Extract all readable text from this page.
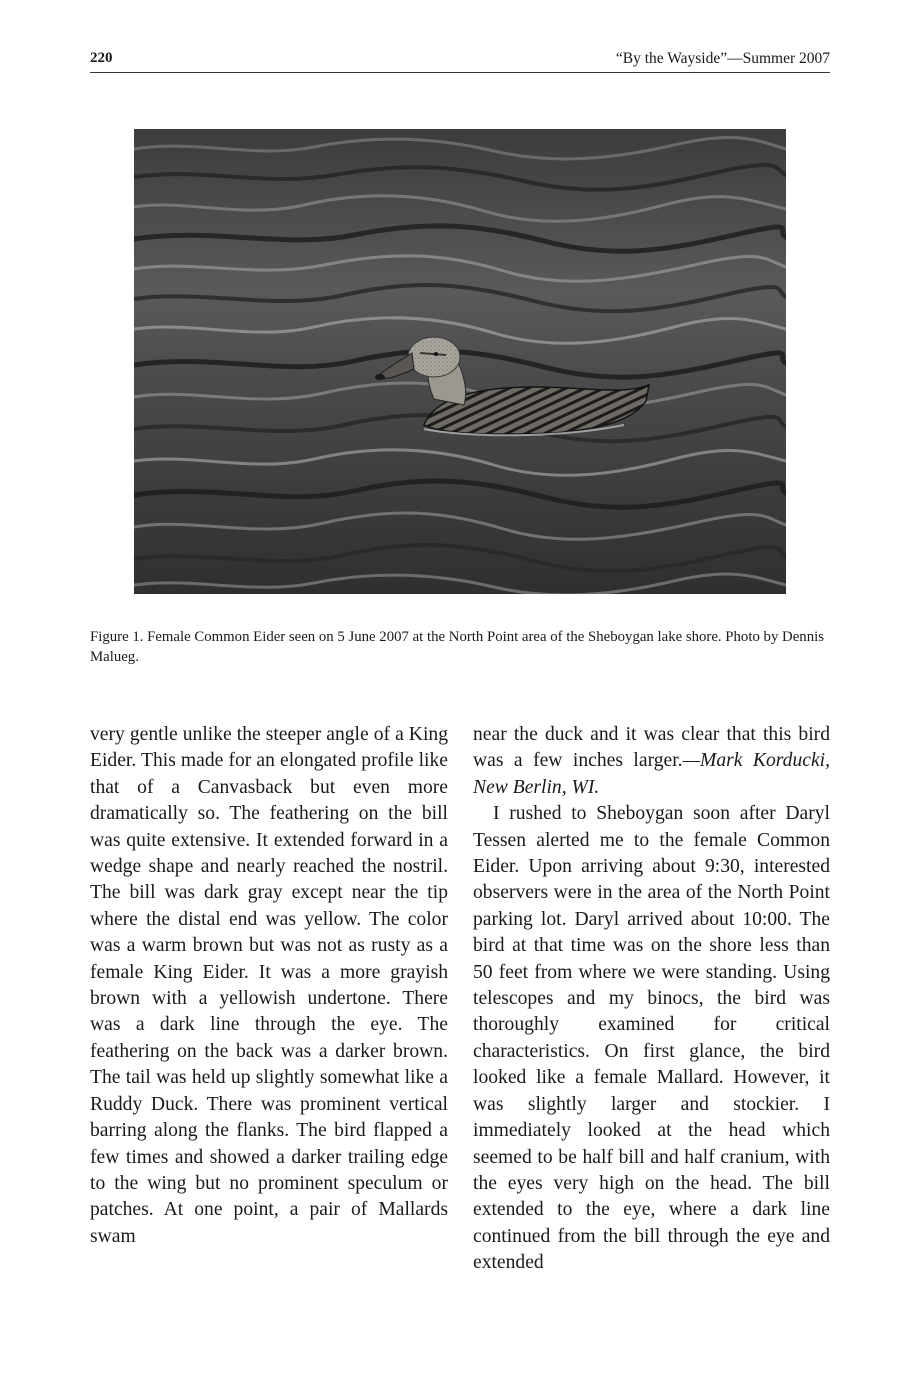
220	“By the Wayside”—Summer 2007
Figure 1. Female Common Eider seen on 5 June 2007 at the North Point area of the Sheboygan lake shore. Photo by Dennis Malueg.

very gentle unlike the steeper angle of a King Eider. This made for an elongated profile like that of a Canvasback but even more dramatically so. The feathering on the bill was quite extensive. It extended forward in a wedge shape and nearly reached the nostril. The bill was dark gray except near the tip where the distal end was yellow. The color was a warm brown but was not as rusty as a female King Eider. It was a more grayish brown with a yellowish undertone. There was a dark line through the eye. The feathering on the back was a darker brown. The tail was held up slightly somewhat like a Ruddy Duck. There was prominent vertical barring along the flanks. The bird flapped a few times and showed a darker trailing edge to the wing but no prominent speculum or patches. At one point, a pair of Mallards swam

near the duck and it was clear that this bird was a few inches larger.—Mark Korducki, New Berlin, WI.

I rushed to Sheboygan soon after Daryl Tessen alerted me to the female Common Eider. Upon arriving about 9:30, interested observers were in the area of the North Point parking lot. Daryl arrived about 10:00. The bird at that time was on the shore less than 50 feet from where we were standing. Using telescopes and my binocs, the bird was thoroughly examined for critical characteristics. On first glance, the bird looked like a female Mallard. However, it was slightly larger and stockier. I immediately looked at the head which seemed to be half bill and half cranium, with the eyes very high on the head. The bill extended to the eye, where a dark line continued from the bill through the eye and extended
